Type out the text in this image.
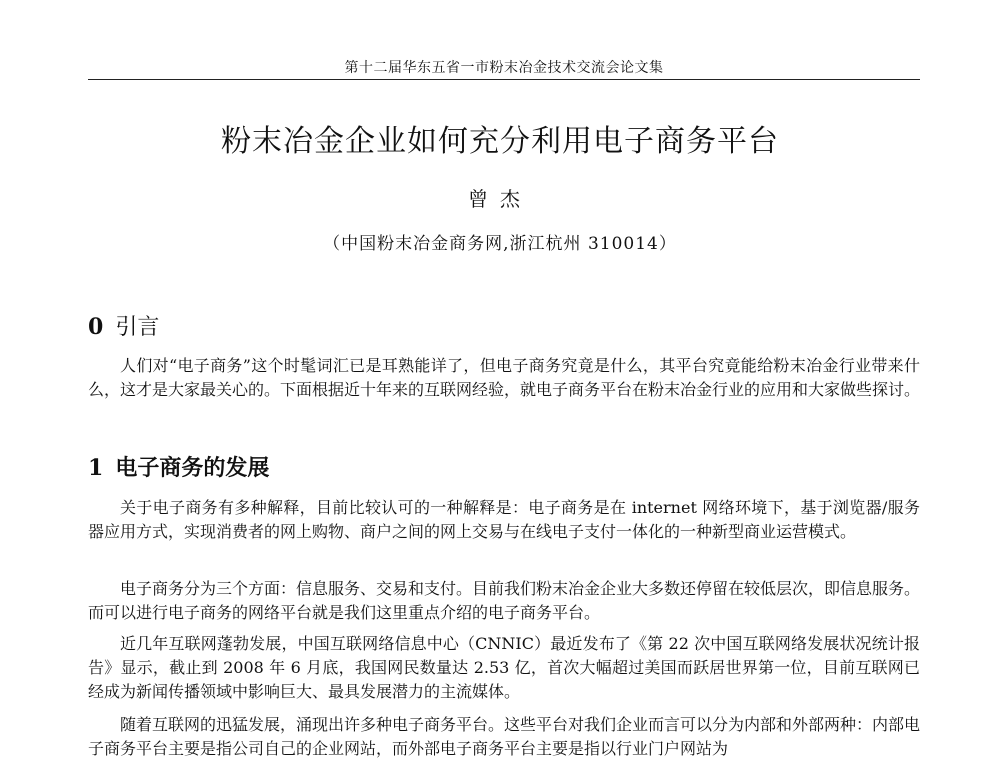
第十二届华东五省一市粉末冶金技术交流会论文集
粉末冶金企业如何充分利用电子商务平台
曾杰
（中国粉末冶金商务网,浙江杭州 310014）
0 引言

人们对“电子商务”这个时髦词汇已是耳熟能详了，但电子商务究竟是什么，其平台究竟能给粉末冶金行业带来什么，这才是大家最关心的。下面根据近十年来的互联网经验，就电子商务平台在粉末冶金行业的应用和大家做些探讨。

1 电子商务的发展

关于电子商务有多种解释，目前比较认可的一种解释是：电子商务是在 internet 网络环境下，基于浏览器/服务器应用方式，实现消费者的网上购物、商户之间的网上交易与在线电子支付一体化的一种新型商业运营模式。

电子商务分为三个方面：信息服务、交易和支付。目前我们粉末冶金企业大多数还停留在较低层次，即信息服务。而可以进行电子商务的网络平台就是我们这里重点介绍的电子商务平台。

近几年互联网蓬勃发展，中国互联网络信息中心（CNNIC）最近发布了《第 22 次中国互联网络发展状况统计报告》显示，截止到 2008 年 6 月底，我国网民数量达 2.53 亿，首次大幅超过美国而跃居世界第一位，目前互联网已经成为新闻传播领域中影响巨大、最具发展潜力的主流媒体。

随着互联网的迅猛发展，涌现出许多种电子商务平台。这些平台对我们企业而言可以分为内部和外部两种：内部电子商务平台主要是指公司自己的企业网站，而外部电子商务平台主要是指以行业门户网站为
